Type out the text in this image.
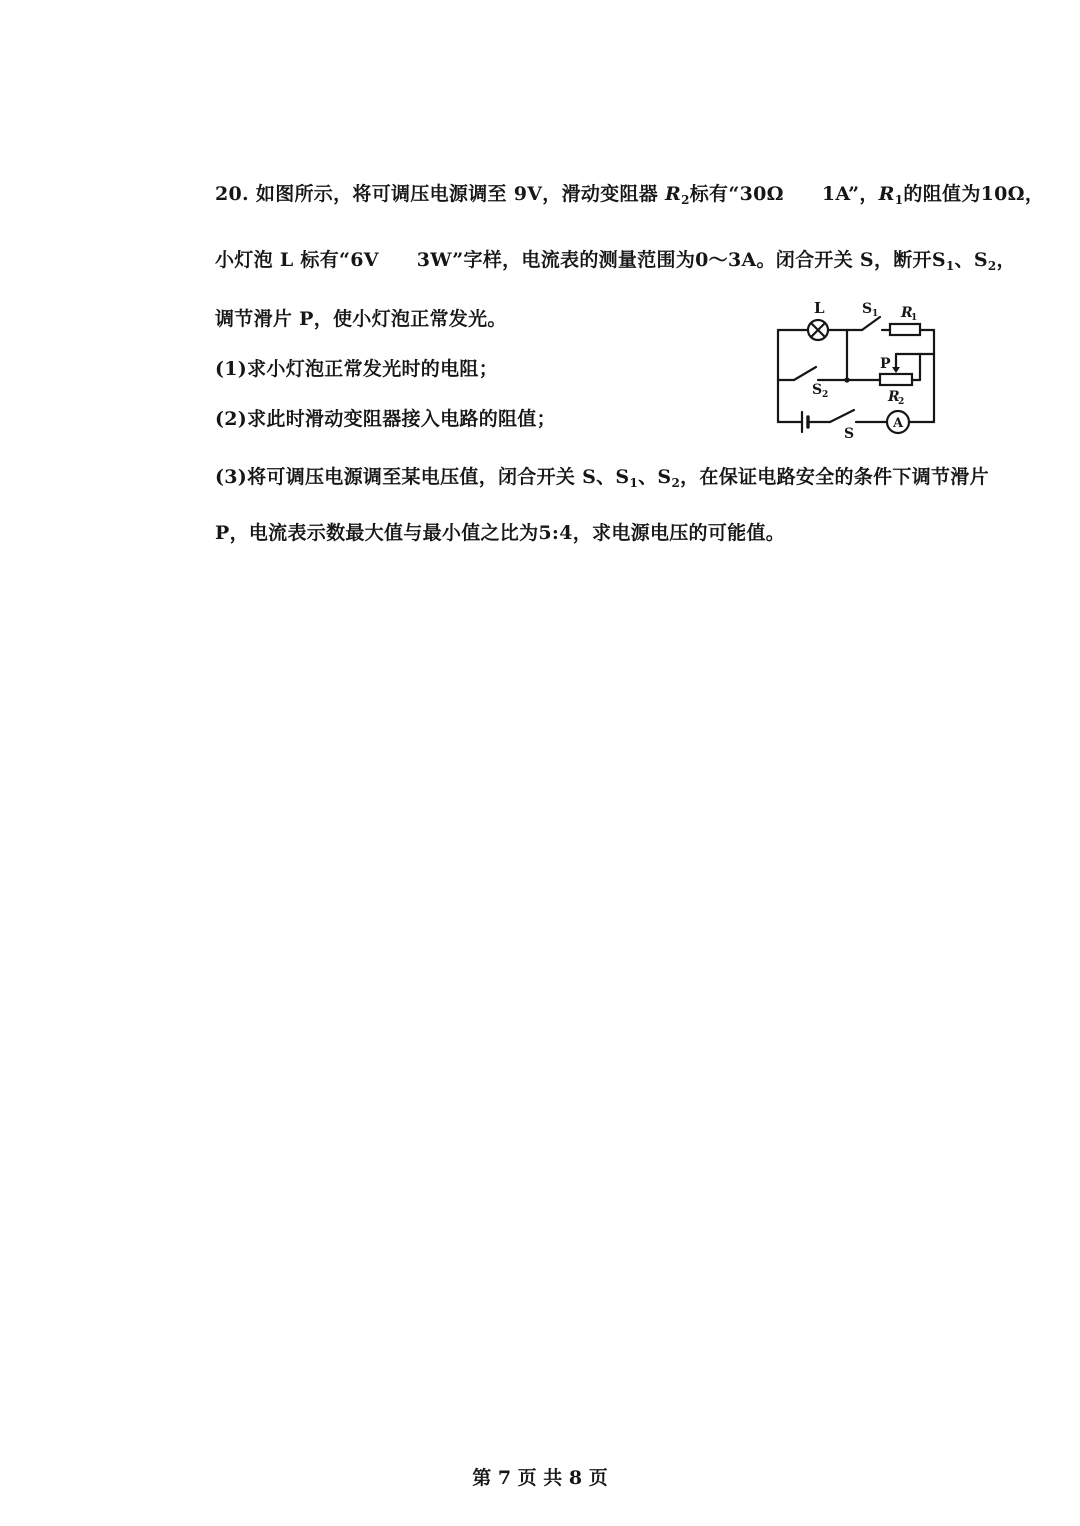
20. 如图所示，将可调压电源调至 9V，滑动变阻器 $R_2$标有“30Ω 1A”，$R_1$的阻值为10Ω，

小灯泡 L 标有“6V 3W”字样，电流表的测量范围为0～3A。闭合开关 S，断开$S_1$、$S_2$，

调节滑片 P，使小灯泡正常发光。

(1)求小灯泡正常发光时的电阻；

(2)求此时滑动变阻器接入电路的阻值；

(3)将可调压电源调至某电压值，闭合开关 S、$S_1$、$S_2$，在保证电路安全的条件下调节滑片

P，电流表示数最大值与最小值之比为5:4，求电源电压的可能值。

L	S 1 R
1
P
S 2	R
2
S
A
第 7 页 共 8 页
